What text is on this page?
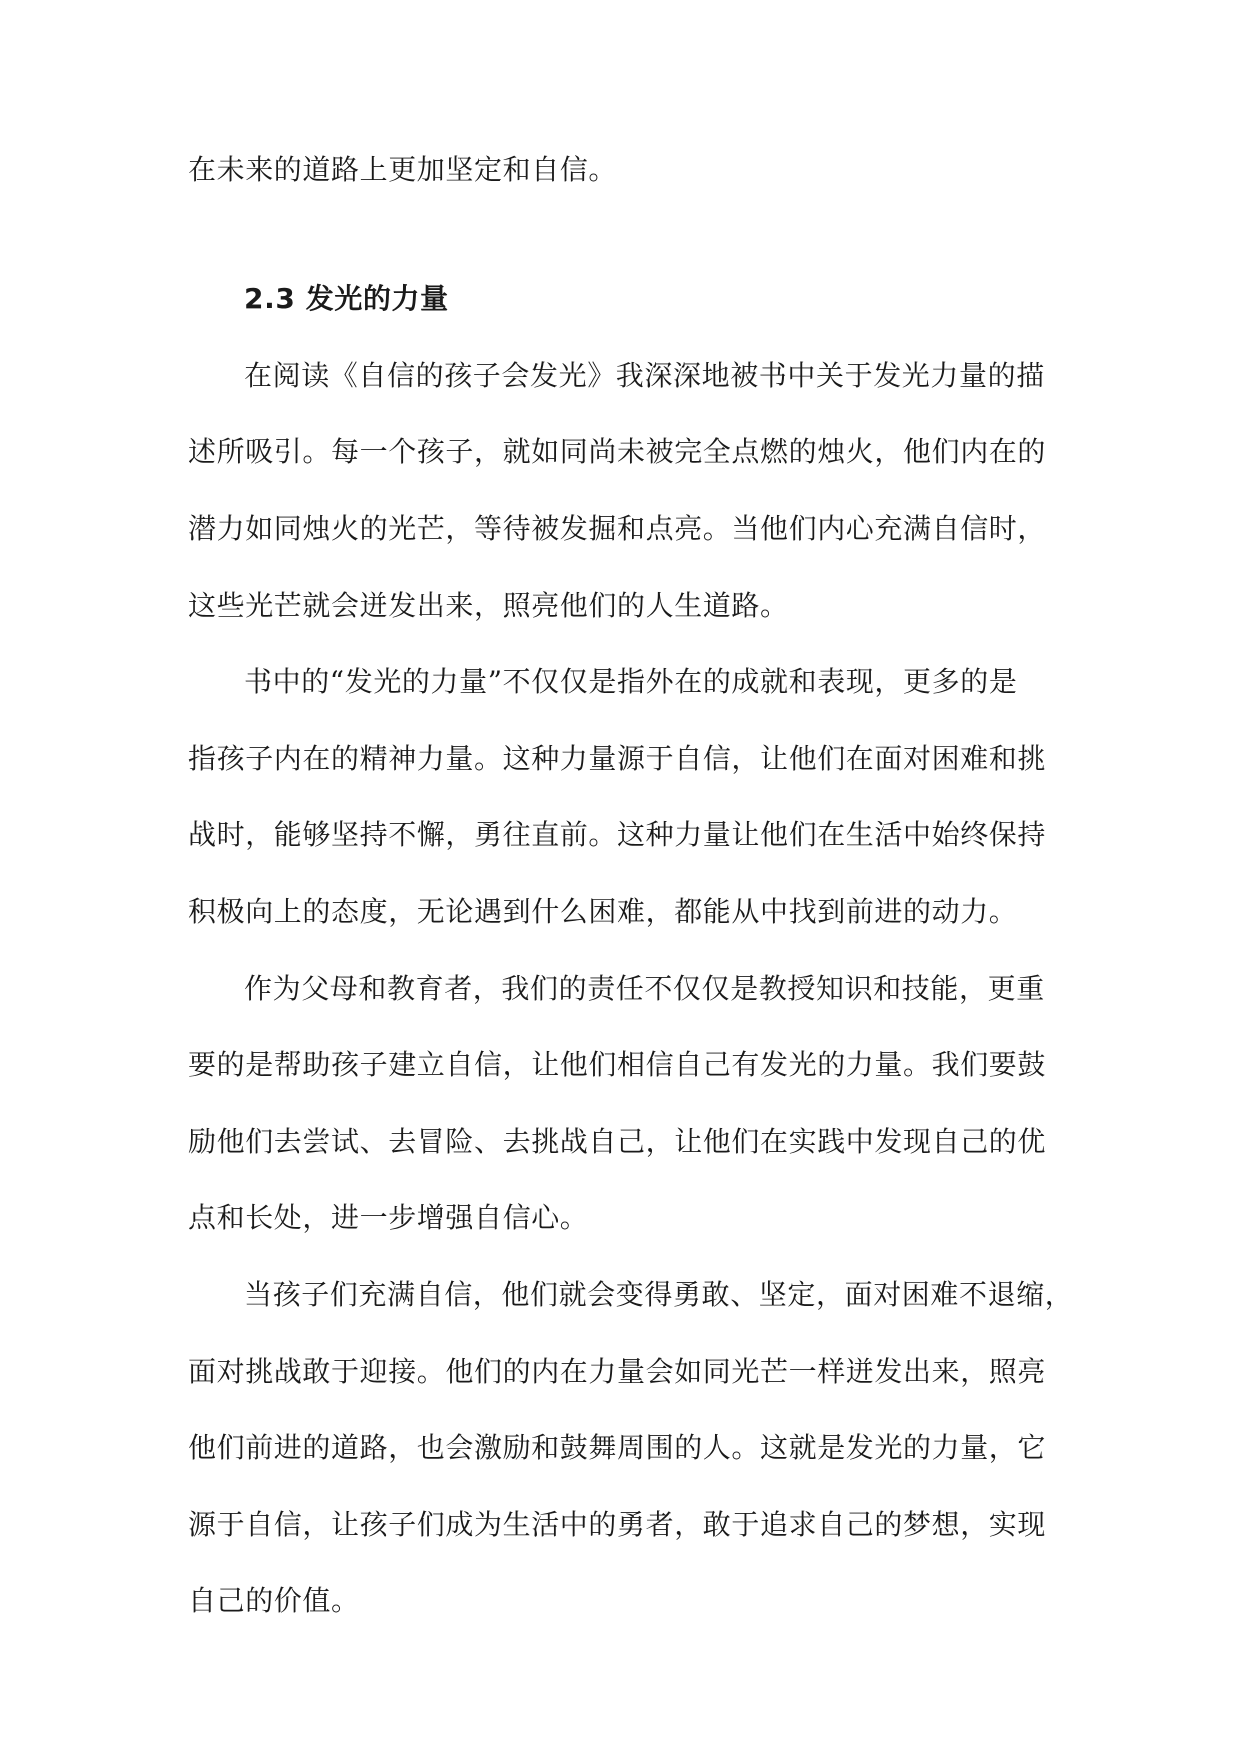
在未来的道路上更加坚定和自信。
2.3 发光的力量
在阅读《自信的孩子会发光》我深深地被书中关于发光力量的描
述所吸引。每一个孩子，就如同尚未被完全点燃的烛火，他们内在的
潜力如同烛火的光芒，等待被发掘和点亮。当他们内心充满自信时，
这些光芒就会迸发出来，照亮他们的人生道路。
书中的“发光的力量”不仅仅是指外在的成就和表现，更多的是
指孩子内在的精神力量。这种力量源于自信，让他们在面对困难和挑
战时，能够坚持不懈，勇往直前。这种力量让他们在生活中始终保持
积极向上的态度，无论遇到什么困难，都能从中找到前进的动力。
作为父母和教育者，我们的责任不仅仅是教授知识和技能，更重
要的是帮助孩子建立自信，让他们相信自己有发光的力量。我们要鼓
励他们去尝试、去冒险、去挑战自己，让他们在实践中发现自己的优
点和长处，进一步增强自信心。
当孩子们充满自信，他们就会变得勇敢、坚定，面对困难不退缩，
面对挑战敢于迎接。他们的内在力量会如同光芒一样迸发出来，照亮
他们前进的道路，也会激励和鼓舞周围的人。这就是发光的力量，它
源于自信，让孩子们成为生活中的勇者，敢于追求自己的梦想，实现
自己的价值。
